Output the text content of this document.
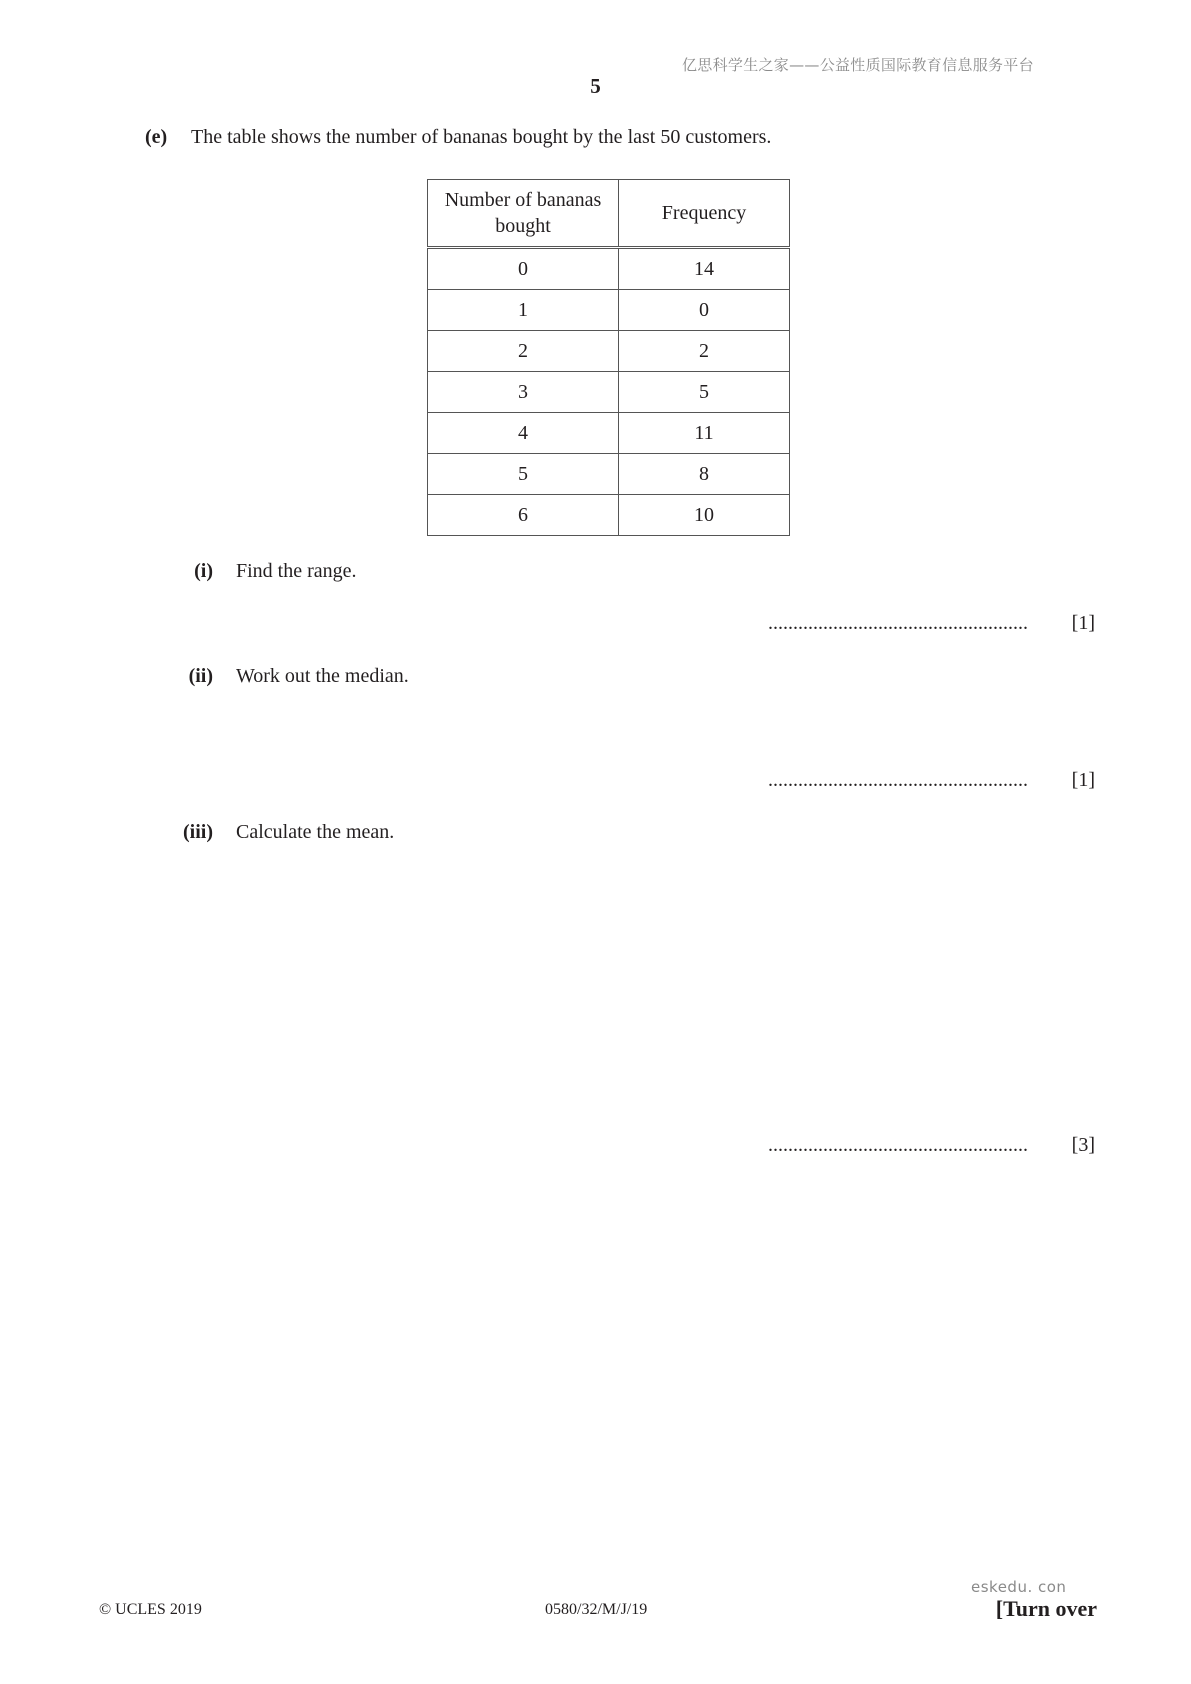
亿思科学生之家——公益性质国际教育信息服务平台
5
(e) The table shows the number of bananas bought by the last 50 customers.
Number of bananas bought	Frequency
0	14
1	0
2	2
3	5
4	11
5	8
6	10
(i) Find the range.
.................................................... [1]
(ii) Work out the median.
.................................................... [1]
(iii) Calculate the mean.
.................................................... [3]
eskedu. con
© UCLES 2019	0580/32/M/J/19	[Turn over
